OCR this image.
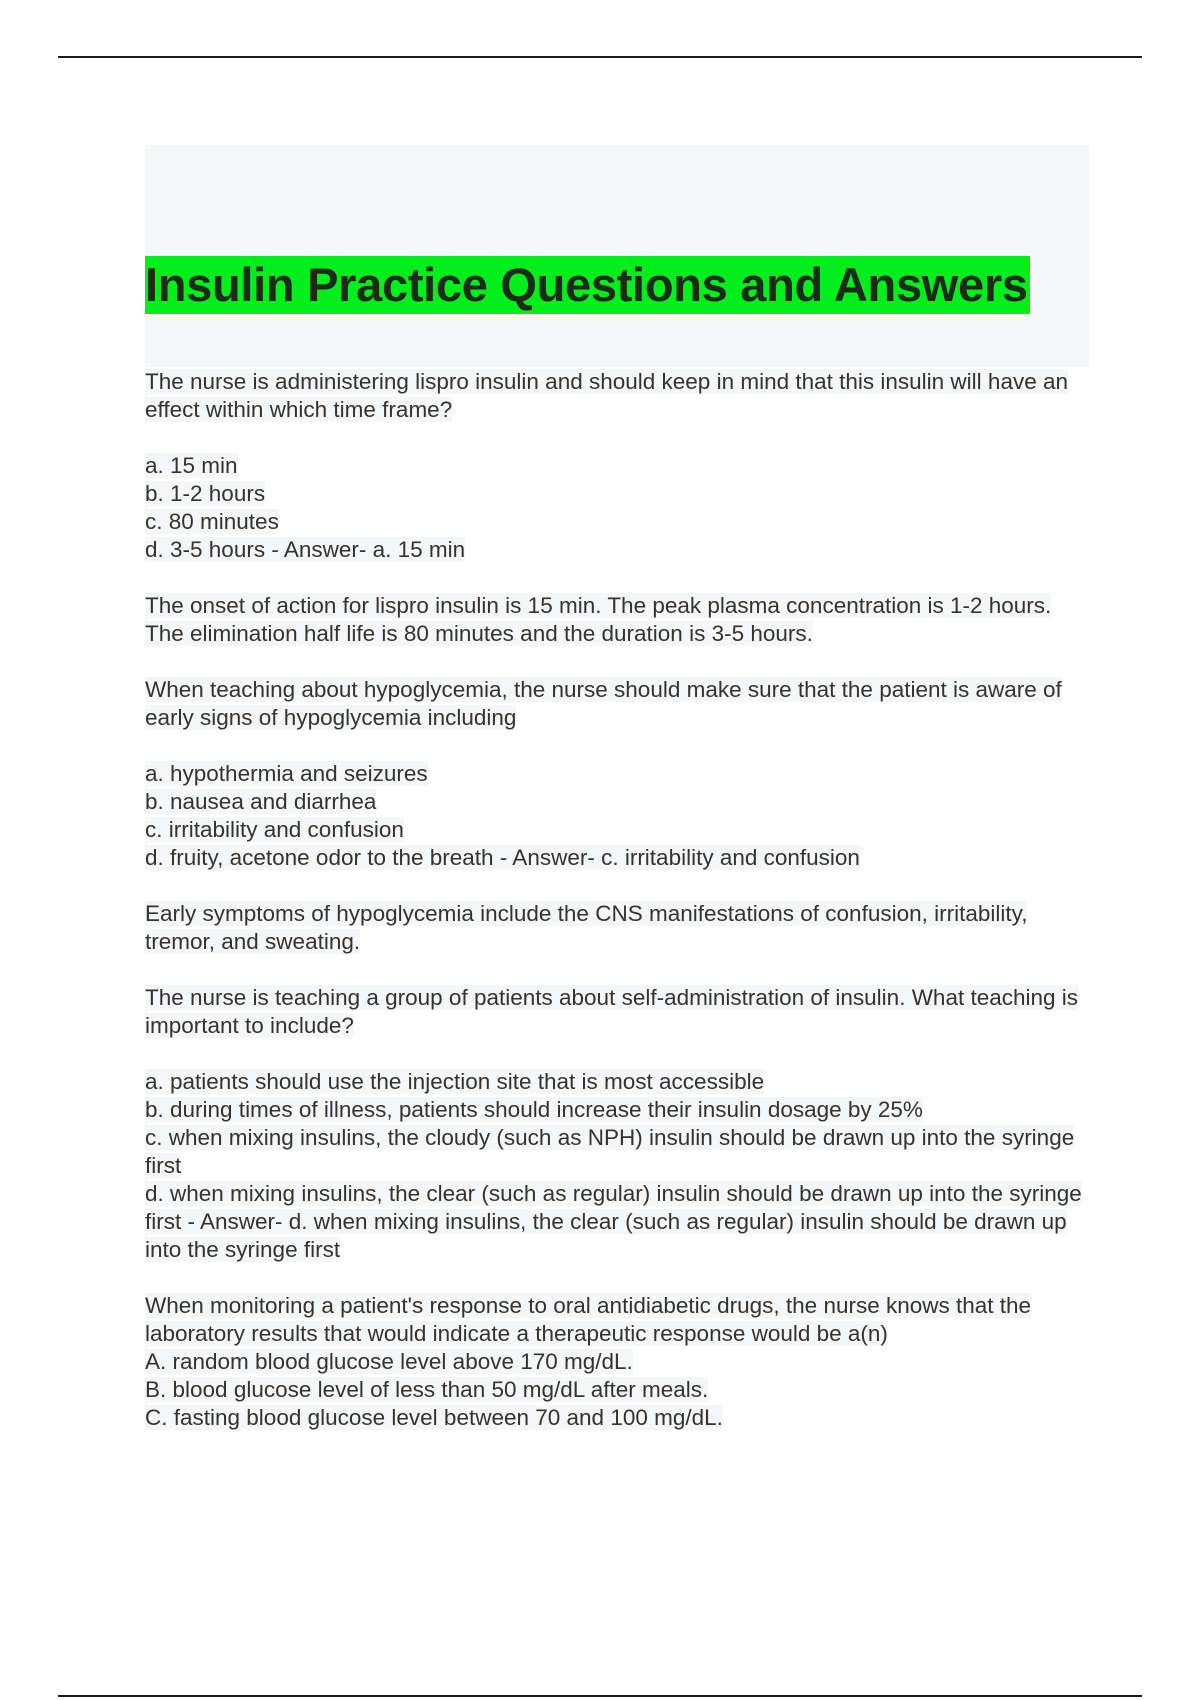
Insulin Practice Questions and Answers
The nurse is administering lispro insulin and should keep in mind that this insulin will have an effect within which time frame?
a. 15 min
b. 1-2 hours
c. 80 minutes
d. 3-5 hours - Answer- a. 15 min
The onset of action for lispro insulin is 15 min. The peak plasma concentration is 1-2 hours. The elimination half life is 80 minutes and the duration is 3-5 hours.
When teaching about hypoglycemia, the nurse should make sure that the patient is aware of early signs of hypoglycemia including
a. hypothermia and seizures
b. nausea and diarrhea
c. irritability and confusion
d. fruity, acetone odor to the breath - Answer- c. irritability and confusion
Early symptoms of hypoglycemia include the CNS manifestations of confusion, irritability, tremor, and sweating.
The nurse is teaching a group of patients about self-administration of insulin. What teaching is important to include?
a. patients should use the injection site that is most accessible
b. during times of illness, patients should increase their insulin dosage by 25%
c. when mixing insulins, the cloudy (such as NPH) insulin should be drawn up into the syringe first
d. when mixing insulins, the clear (such as regular) insulin should be drawn up into the syringe first - Answer- d. when mixing insulins, the clear (such as regular) insulin should be drawn up into the syringe first
When monitoring a patient's response to oral antidiabetic drugs, the nurse knows that the laboratory results that would indicate a therapeutic response would be a(n)
A. random blood glucose level above 170 mg/dL.
B. blood glucose level of less than 50 mg/dL after meals.
C. fasting blood glucose level between 70 and 100 mg/dL.
